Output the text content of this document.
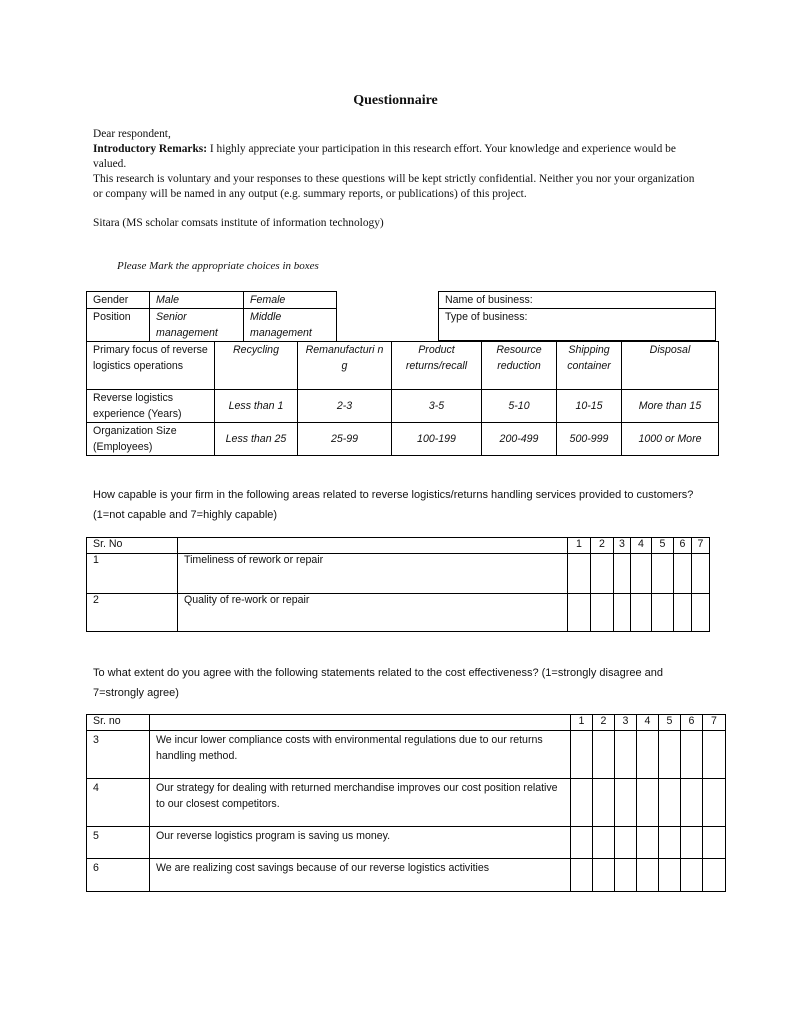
Questionnaire
Dear respondent,
Introductory Remarks: I highly appreciate your participation in this research effort. Your knowledge and experience would be valued.
This research is voluntary and your responses to these questions will be kept strictly confidential. Neither you nor your organization or company will be named in any output (e.g. summary reports, or publications) of this project.
Sitara (MS scholar comsats institute of information technology)
Please Mark the appropriate choices in boxes
Gender	Male	Female
Position	Senior management	Middle management
Name of business:
Type of business:
Primary focus of reverse logistics operations	Recycling	Remanufacturi ng	Product returns/recall	Resource reduction	Shipping container	Disposal
Reverse logistics experience (Years)	Less than 1	2-3	3-5	5-10	10-15	More than 15
Organization Size (Employees)	Less than 25	25-99	100-199	200-499	500-999	1000 or More
How capable is your firm in the following areas related to reverse logistics/returns handling services provided to customers? (1=not capable and 7=highly capable)
Sr. No		1	2	3	4	5	6	7
1	Timeliness of rework or repair							
2	Quality of re-work or repair							
To what extent do you agree with the following statements related to the cost effectiveness? (1=strongly disagree and 7=strongly agree)
Sr. no		1	2	3	4	5	6	7
3	We incur lower compliance costs with environmental regulations due to our returns handling method.							
4	Our strategy for dealing with returned merchandise improves our cost position relative to our closest competitors.							
5	Our reverse logistics program is saving us money.							
6	We are realizing cost savings because of our reverse logistics activities							
